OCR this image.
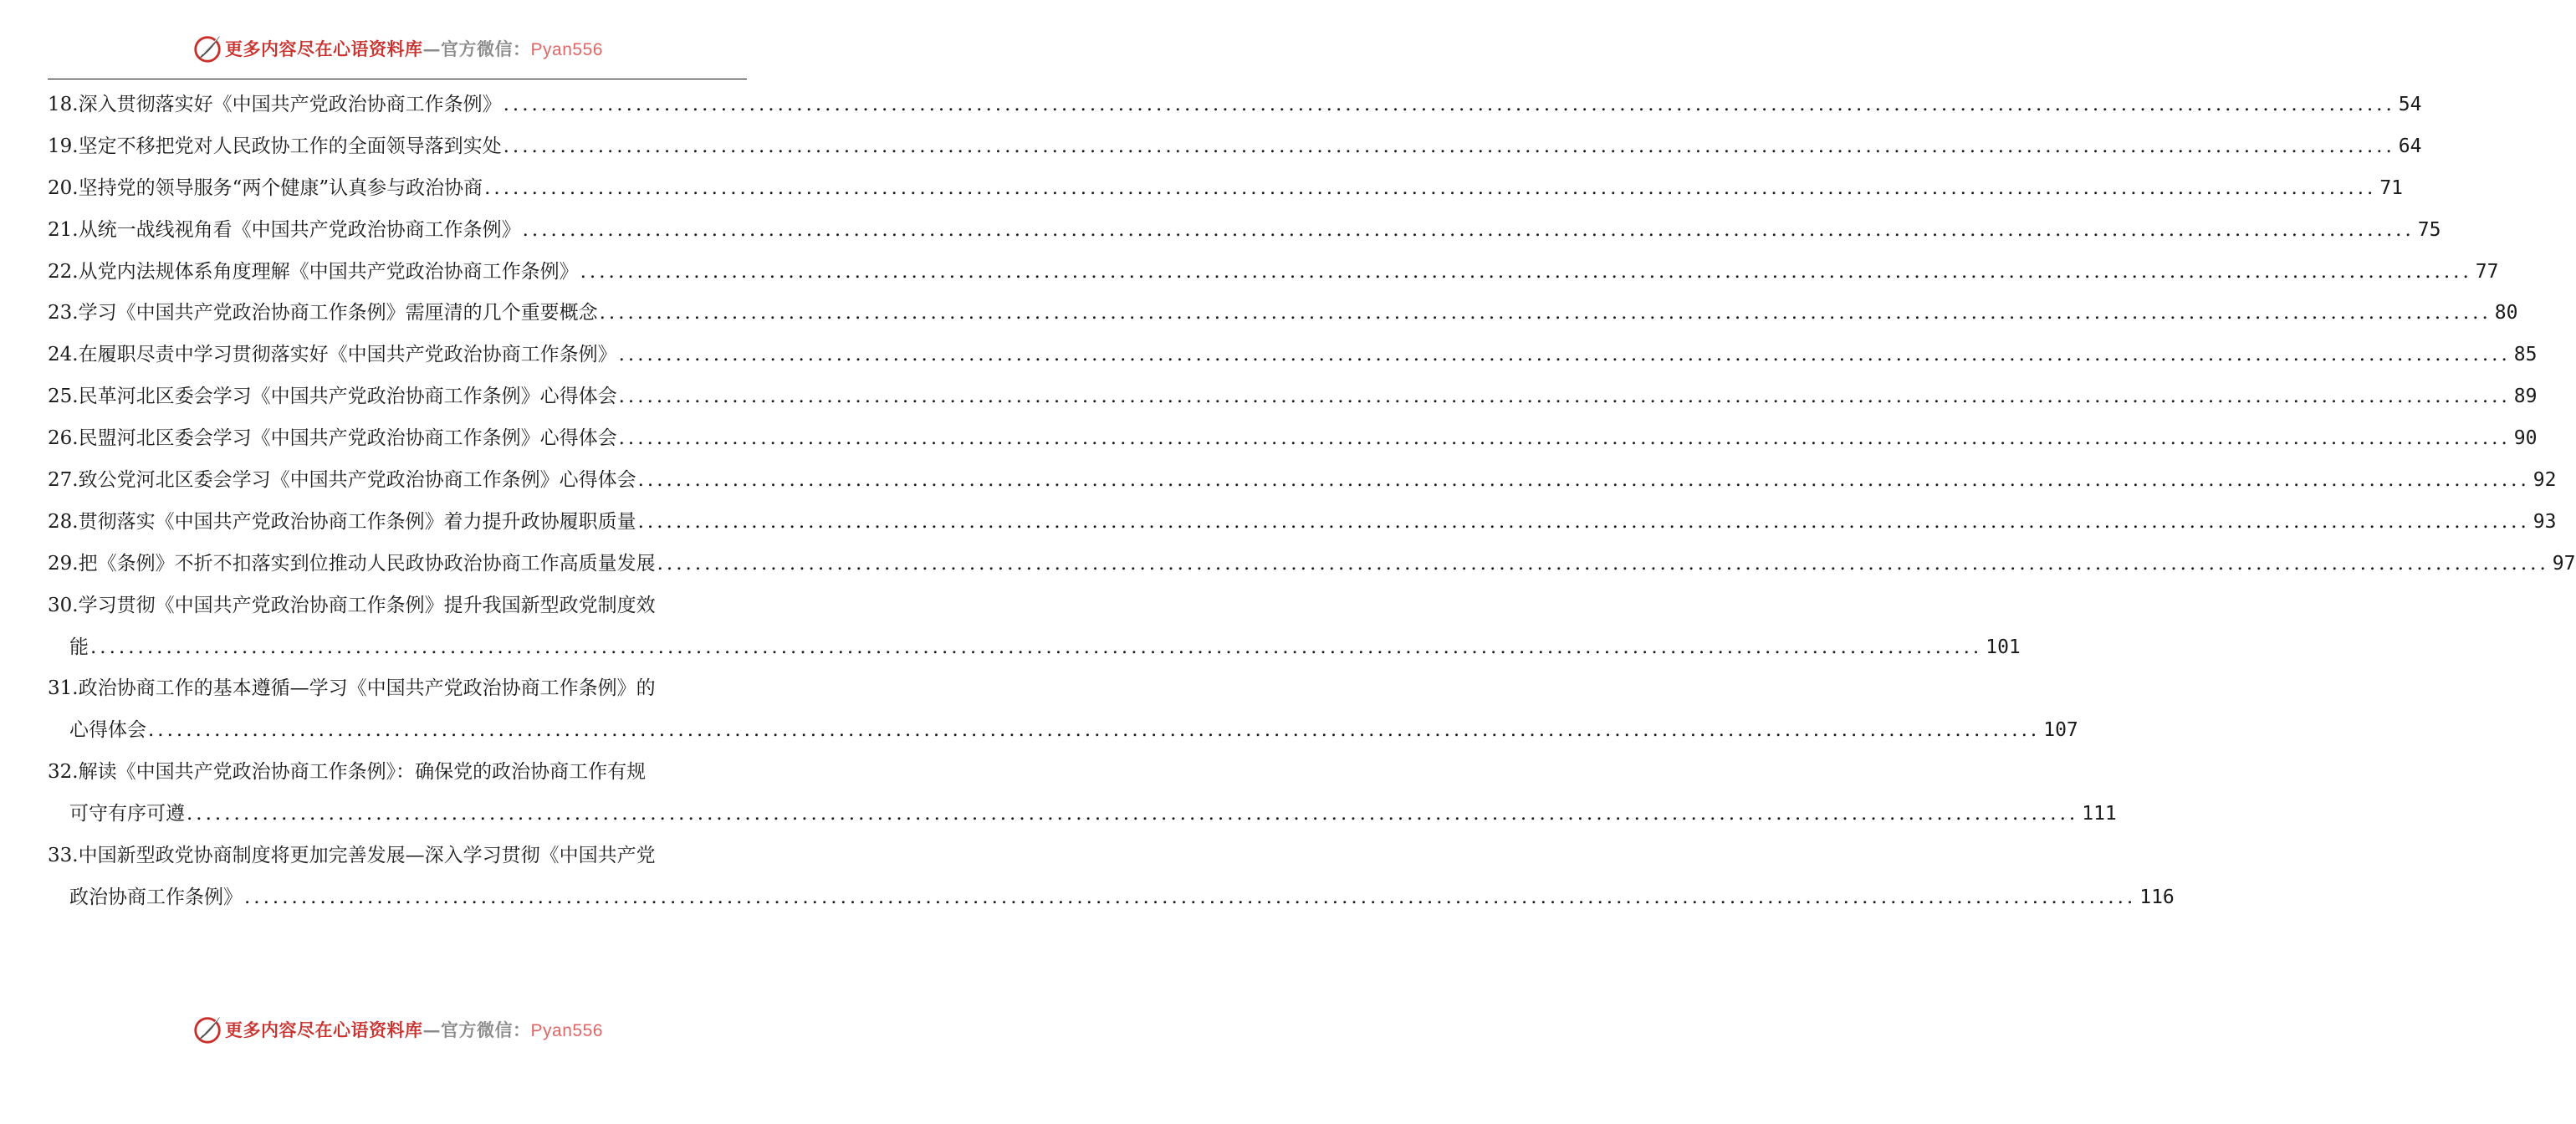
更多内容尽在心语资料库—官方微信：Pyan556
18.深入贯彻落实好《中国共产党政治协商工作条例》 ........................................................................................................................................................................................................ 54
19.坚定不移把党对人民政协工作的全面领导落到实处 ........................................................................................................................................................................................................ 64
20.坚持党的领导服务“两个健康”认真参与政治协商 ........................................................................................................................................................................................................ 71
21.从统一战线视角看《中国共产党政治协商工作条例》 ........................................................................................................................................................................................................ 75
22.从党内法规体系角度理解《中国共产党政治协商工作条例》 ........................................................................................................................................................................................................ 77
23.学习《中国共产党政治协商工作条例》需厘清的几个重要概念 ........................................................................................................................................................................................................ 80
24.在履职尽责中学习贯彻落实好《中国共产党政治协商工作条例》 ........................................................................................................................................................................................................ 85
25.民革河北区委会学习《中国共产党政治协商工作条例》心得体会 ........................................................................................................................................................................................................ 89
26.民盟河北区委会学习《中国共产党政治协商工作条例》心得体会 ........................................................................................................................................................................................................ 90
27.致公党河北区委会学习《中国共产党政治协商工作条例》心得体会 ........................................................................................................................................................................................................ 92
28.贯彻落实《中国共产党政治协商工作条例》着力提升政协履职质量 ........................................................................................................................................................................................................ 93
29.把《条例》不折不扣落实到位推动人民政协政治协商工作高质量发展 ........................................................................................................................................................................................................ 97
30.学习贯彻《中国共产党政治协商工作条例》提升我国新型政党制度效
能 ........................................................................................................................................................................................................ 101
31.政治协商工作的基本遵循—学习《中国共产党政治协商工作条例》的
心得体会 ........................................................................................................................................................................................................ 107
32.解读《中国共产党政治协商工作条例》：确保党的政治协商工作有规
可守有序可遵 ........................................................................................................................................................................................................ 111
33.中国新型政党协商制度将更加完善发展—深入学习贯彻《中国共产党
政治协商工作条例》 ........................................................................................................................................................................................................ 116
更多内容尽在心语资料库—官方微信：Pyan556
